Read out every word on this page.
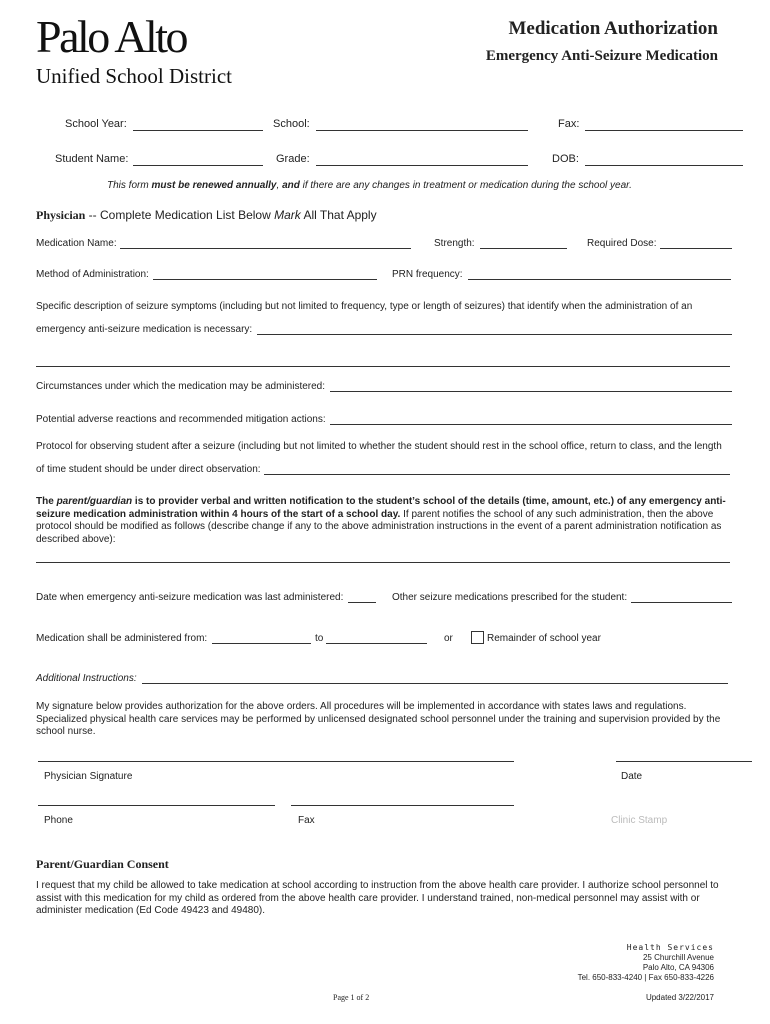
Palo Alto
Unified School District
Medication Authorization
Emergency Anti-Seizure Medication
School Year:	School:	Fax:
Student Name:	Grade:	DOB:
This form must be renewed annually, and if there are any changes in treatment or medication during the school year.
Physician -- Complete Medication List Below Mark All That Apply
Medication Name:	Strength:	Required Dose:
Method of Administration:	PRN frequency:
Specific description of seizure symptoms (including but not limited to frequency, type or length of seizures) that identify when the administration of an
emergency anti-seizure medication is necessary:
Circumstances under which the medication may be administered:
Potential adverse reactions and recommended mitigation actions:
Protocol for observing student after a seizure (including but not limited to whether the student should rest in the school office, return to class, and the length
of time student should be under direct observation:
The parent/guardian is to provider verbal and written notification to the student’s school of the details (time, amount, etc.) of any emergency anti-seizure medication administration within 4 hours of the start of a school day. If parent notifies the school of any such administration, then the above protocol should be modified as follows (describe change if any to the above administration instructions in the event of a parent administration notification as described above):
Date when emergency anti-seizure medication was last administered:	Other seizure medications prescribed for the student:
Medication shall be administered from:	to	or	Remainder of school year
Additional Instructions:
My signature below provides authorization for the above orders. All procedures will be implemented in accordance with states laws and regulations. Specialized physical health care services may be performed by unlicensed designated school personnel under the training and supervision provided by the school nurse.
Physician Signature	Date
Phone	Fax	Clinic Stamp
Parent/Guardian Consent
I request that my child be allowed to take medication at school according to instruction from the above health care provider. I authorize school personnel to assist with this medication for my child as ordered from the above health care provider. I understand trained, non-medical personnel may assist with or administer medication (Ed Code 49423 and 49480).
Health Services
25 Churchill Avenue
Palo Alto, CA 94306
Tel. 650-833-4240 | Fax 650-833-4226
Page 1 of 2	Updated 3/22/2017
